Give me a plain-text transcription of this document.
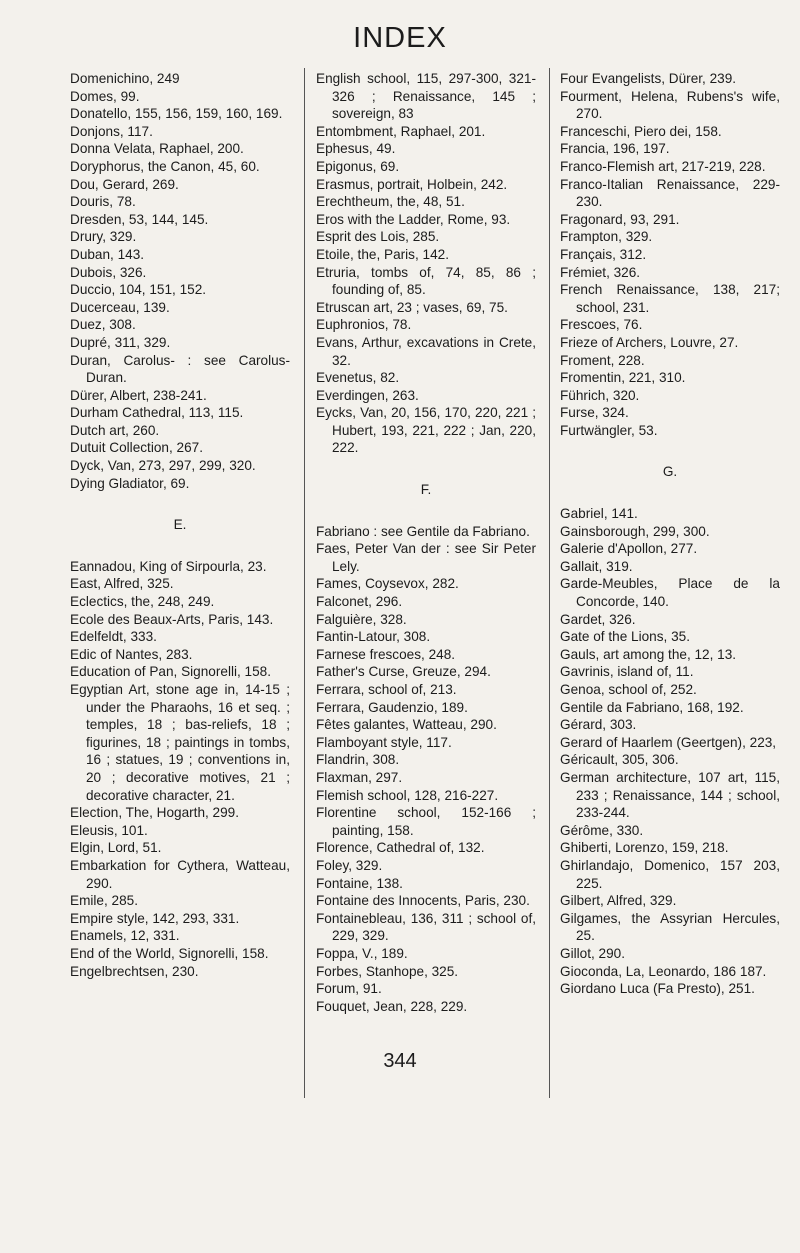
INDEX
Domenichino, 249
Domes, 99.
Donatello, 155, 156, 159, 160, 169.
Donjons, 117.
Donna Velata, Raphael, 200.
Doryphorus, the Canon, 45, 60.
Dou, Gerard, 269.
Douris, 78.
Dresden, 53, 144, 145.
Drury, 329.
Duban, 143.
Dubois, 326.
Duccio, 104, 151, 152.
Ducerceau, 139.
Duez, 308.
Dupré, 311, 329.
Duran, Carolus- : see Carolus-Duran.
Dürer, Albert, 238-241.
Durham Cathedral, 113, 115.
Dutch art, 260.
Dutuit Collection, 267.
Dyck, Van, 273, 297, 299, 320.
Dying Gladiator, 69.
E.
Eannadou, King of Sirpourla, 23.
East, Alfred, 325.
Eclectics, the, 248, 249.
Ecole des Beaux-Arts, Paris, 143.
Edelfeldt, 333.
Edic of Nantes, 283.
Education of Pan, Signorelli, 158.
Egyptian Art, stone age in, 14-15 ; under the Pharaohs, 16 et seq. ; temples, 18 ; bas-reliefs, 18 ; figurines, 18 ; paintings in tombs, 16 ; statues, 19 ; conventions in, 20 ; decorative motives, 21 ; decorative character, 21.
Election, The, Hogarth, 299.
Eleusis, 101.
Elgin, Lord, 51.
Embarkation for Cythera, Watteau, 290.
Emile, 285.
Empire style, 142, 293, 331.
Enamels, 12, 331.
End of the World, Signorelli, 158.
Engelbrechtsen, 230.
English school, 115, 297-300, 321-326 ; Renaissance, 145 ; sovereign, 83
Entombment, Raphael, 201.
Ephesus, 49.
Epigonus, 69.
Erasmus, portrait, Holbein, 242.
Erechtheum, the, 48, 51.
Eros with the Ladder, Rome, 93.
Esprit des Lois, 285.
Etoile, the, Paris, 142.
Etruria, tombs of, 74, 85, 86 ; founding of, 85.
Etruscan art, 23 ; vases, 69, 75.
Euphronios, 78.
Evans, Arthur, excavations in Crete, 32.
Evenetus, 82.
Everdingen, 263.
Eycks, Van, 20, 156, 170, 220, 221 ; Hubert, 193, 221, 222 ; Jan, 220, 222.
F.
Fabriano : see Gentile da Fabriano.
Faes, Peter Van der : see Sir Peter Lely.
Fames, Coysevox, 282.
Falconet, 296.
Falguière, 328.
Fantin-Latour, 308.
Farnese frescoes, 248.
Father's Curse, Greuze, 294.
Ferrara, school of, 213.
Ferrara, Gaudenzio, 189.
Fêtes galantes, Watteau, 290.
Flamboyant style, 117.
Flandrin, 308.
Flaxman, 297.
Flemish school, 128, 216-227.
Florentine school, 152-166 ; painting, 158.
Florence, Cathedral of, 132.
Foley, 329.
Fontaine, 138.
Fontaine des Innocents, Paris, 230.
Fontainebleau, 136, 311 ; school of, 229, 329.
Foppa, V., 189.
Forbes, Stanhope, 325.
Forum, 91.
Fouquet, Jean, 228, 229.
Four Evangelists, Dürer, 239.
Fourment, Helena, Rubens's wife, 270.
Franceschi, Piero dei, 158.
Francia, 196, 197.
Franco-Flemish art, 217-219, 228.
Franco-Italian Renaissance, 229-230.
Fragonard, 93, 291.
Frampton, 329.
Français, 312.
Frémiet, 326.
French Renaissance, 138, 217; school, 231.
Frescoes, 76.
Frieze of Archers, Louvre, 27.
Froment, 228.
Fromentin, 221, 310.
Führich, 320.
Furse, 324.
Furtwängler, 53.
G.
Gabriel, 141.
Gainsborough, 299, 300.
Galerie d'Apollon, 277.
Gallait, 319.
Garde-Meubles, Place de la Concorde, 140.
Gardet, 326.
Gate of the Lions, 35.
Gauls, art among the, 12, 13.
Gavrinis, island of, 11.
Genoa, school of, 252.
Gentile da Fabriano, 168, 192.
Gérard, 303.
Gerard of Haarlem (Geertgen), 223,
Géricault, 305, 306.
German architecture, 107 art, 115, 233 ; Renaissance, 144 ; school, 233-244.
Gérôme, 330.
Ghiberti, Lorenzo, 159, 218.
Ghirlandajo, Domenico, 157 203, 225.
Gilbert, Alfred, 329.
Gilgames, the Assyrian Hercules, 25.
Gillot, 290.
Gioconda, La, Leonardo, 186 187.
Giordano Luca (Fa Presto), 251.
344
